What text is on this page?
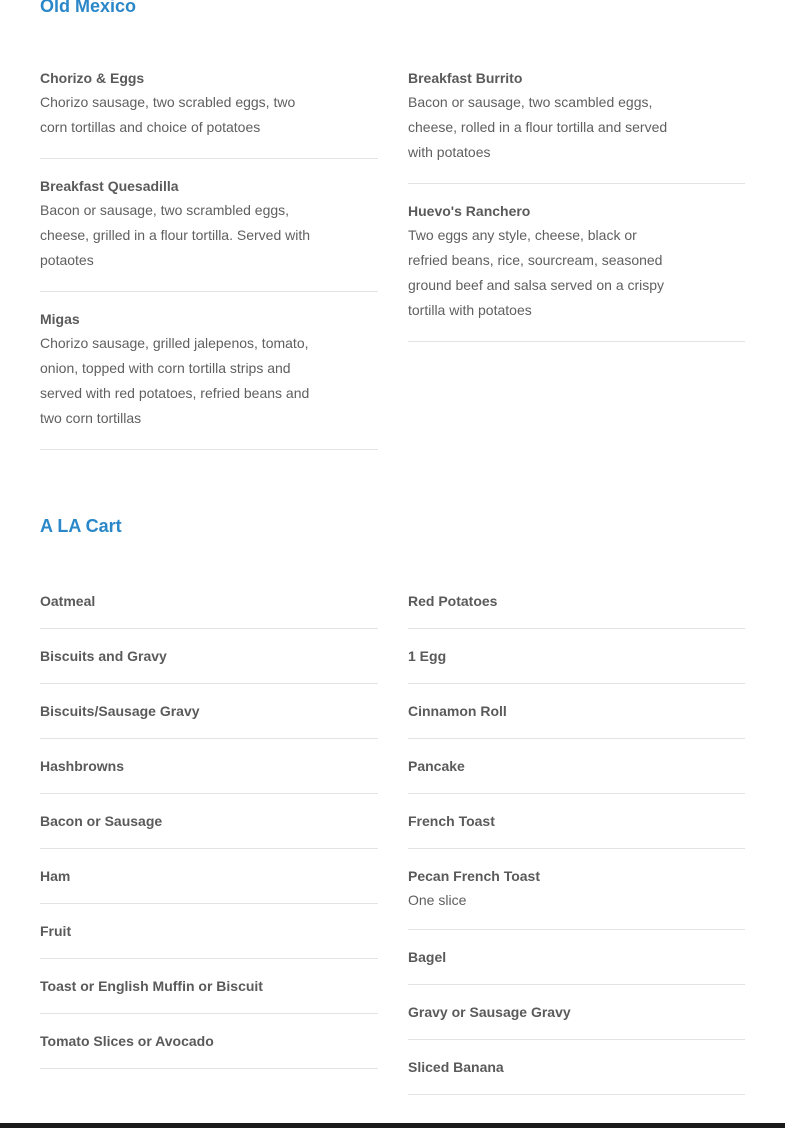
Old Mexico
Chorizo & Eggs
Chorizo sausage, two scrabled eggs, two corn tortillas and choice of potatoes
Breakfast Quesadilla
Bacon or sausage, two scrambled eggs, cheese, grilled in a flour tortilla. Served with potaotes
Migas
Chorizo sausage, grilled jalepenos, tomato, onion, topped with corn tortilla strips and served with red potatoes, refried beans and two corn tortillas
Breakfast Burrito
Bacon or sausage, two scambled eggs, cheese, rolled in a flour tortilla and served with potatoes
Huevo's Ranchero
Two eggs any style, cheese, black or refried beans, rice, sourcream, seasoned ground beef and salsa served on a crispy tortilla with potatoes
A LA Cart
Oatmeal
Biscuits and Gravy
Biscuits/Sausage Gravy
Hashbrowns
Bacon or Sausage
Ham
Fruit
Toast or English Muffin or Biscuit
Tomato Slices or Avocado
Red Potatoes
1 Egg
Cinnamon Roll
Pancake
French Toast
Pecan French Toast
One slice
Bagel
Gravy or Sausage Gravy
Sliced Banana
